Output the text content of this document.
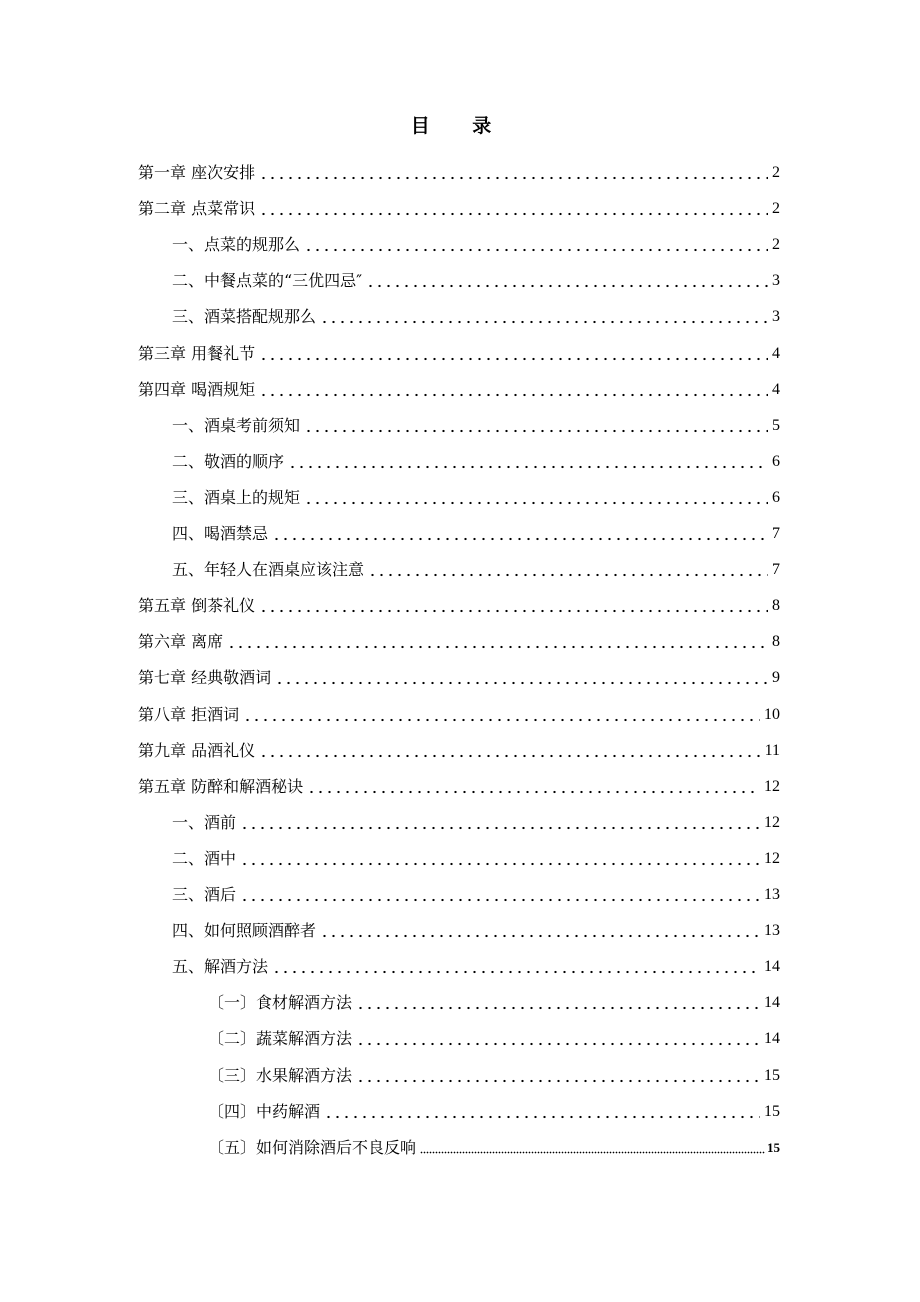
目 录
第一章 座次安排	2
第二章 点菜常识	2
一、点菜的规那么	2
二、中餐点菜的“三优四忌″	3
三、酒菜搭配规那么	3
第三章 用餐礼节	4
第四章 喝酒规矩	4
一、酒桌考前须知	5
二、敬酒的顺序	6
三、酒桌上的规矩	6
四、喝酒禁忌	7
五、年轻人在酒桌应该注意	7
第五章 倒茶礼仪	8
第六章 离席	8
第七章 经典敬酒词	9
第八章 拒酒词	10
第九章 品酒礼仪	11
第五章 防醉和解酒秘诀	12
一、酒前	12
二、酒中	12
三、酒后	13
四、如何照顾酒醉者	13
五、解酒方法	14
〔一〕食材解酒方法	14
〔二〕蔬菜解酒方法	14
〔三〕水果解酒方法	15
〔四〕中药解酒	15
〔五〕如何消除酒后不良反响	15
